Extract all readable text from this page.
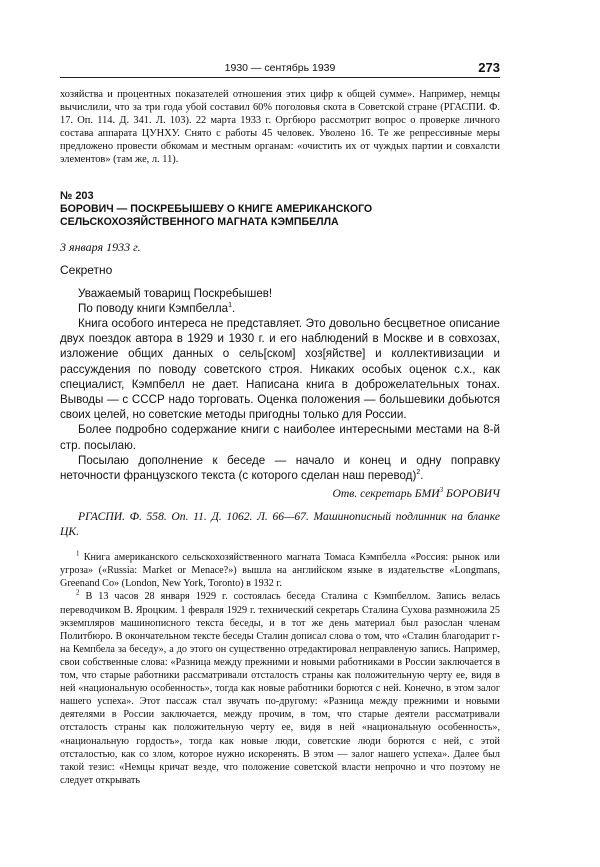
1930 — сентябрь 1939	273

хозяйства и процентных показателей отношения этих цифр к общей сумме». Например, немцы вычислили, что за три года убой составил 60% поголовья скота в Советской стране (РГАСПИ. Ф. 17. Оп. 114. Д. 341. Л. 103). 22 марта 1933 г. Оргбюро рассмотрит вопрос о проверке личного состава аппарата ЦУНХУ. Снято с работы 45 человек. Уволено 16. Те же репрессивные меры предложено провести обкомам и местным органам: «очистить их от чуждых партии и совхалсти элементов» (там же, л. 11).

№ 203

БОРОВИЧ — ПОСКРЕБЫШЕВУ О КНИГЕ АМЕРИКАНСКОГО СЕЛЬСКОХОЗЯЙСТВЕННОГО МАГНАТА КЭМПБЕЛЛА

3 января 1933 г.
Секретно

Уважаемый товарищ Поскребышев!

По поводу книги Кэмпбелла$^1$.

Книга особого интереса не представляет. Это довольно бесцветное описание двух поездок автора в 1929 и 1930 г. и его наблюдений в Москве и в совхозах, изложение общих данных о сель[ском] хоз[яйстве] и коллективизации и рассуждения по поводу советского строя. Никаких особых оценок с.х., как специалист, Кэмпбелл не дает. Написана книга в доброжелательных тонах. Выводы — с СССР надо торговать. Оценка положения — большевики добьются своих целей, но советские методы пригодны только для России.

Более подробно содержание книги с наиболее интересными местами на 8-й стр. посылаю.

Посылаю дополнение к беседе — начало и конец и одну поправку неточности французского текста (с которого сделан наш перевод)$^2$.

Отв. секретарь БМИ$^3$ БОРОВИЧ
РГАСПИ. Ф. 558. Оп. 11. Д. 1062. Л. 66—67. Машинописный подлинник на бланке ЦК.

$^1$ Книга американского сельскохозяйственного магната Томаса Кэмпбелла «Россия: рынок или угроза» («Russia: Market or Menace?») вышла на английском языке в издательстве «Longmans, Greenand Co» (London, New York, Toronto) в 1932 г.

$^2$ В 13 часов 28 января 1929 г. состоялась беседа Сталина с Кэмпбеллом. Запись велась переводчиком В. Яроцким. 1 февраля 1929 г. технический секретарь Сталина Сухова размножила 25 экземпляров машинописного текста беседы, и в тот же день материал был разослан членам Политбюро. В окончательном тексте беседы Сталин дописал слова о том, что «Сталин благодарит г-на Кемпбела за беседу», а до этого он существенно отредактировал неправленую запись. Например, свои собственные слова: «Разница между прежними и новыми работниками в России заключается в том, что старые работники рассматривали отсталость страны как положительную черту ее, видя в ней «национальную особенность», тогда как новые работники борются с ней. Конечно, в этом залог нашего успеха». Этот пассаж стал звучать по-другому: «Разница между прежними и новыми деятелями в России заключается, между прочим, в том, что старые деятели рассматривали отсталость страны как положительную черту ее, видя в ней «национальную особенность», «национальную гордость», тогда как новые люди, советские люди борются с ней, с этой отсталостью, как со злом, которое нужно искоренять. В этом — залог нашего успеха». Далее был такой тезис: «Немцы кричат везде, что положение советской власти непрочно и что поэтому не следует открывать
